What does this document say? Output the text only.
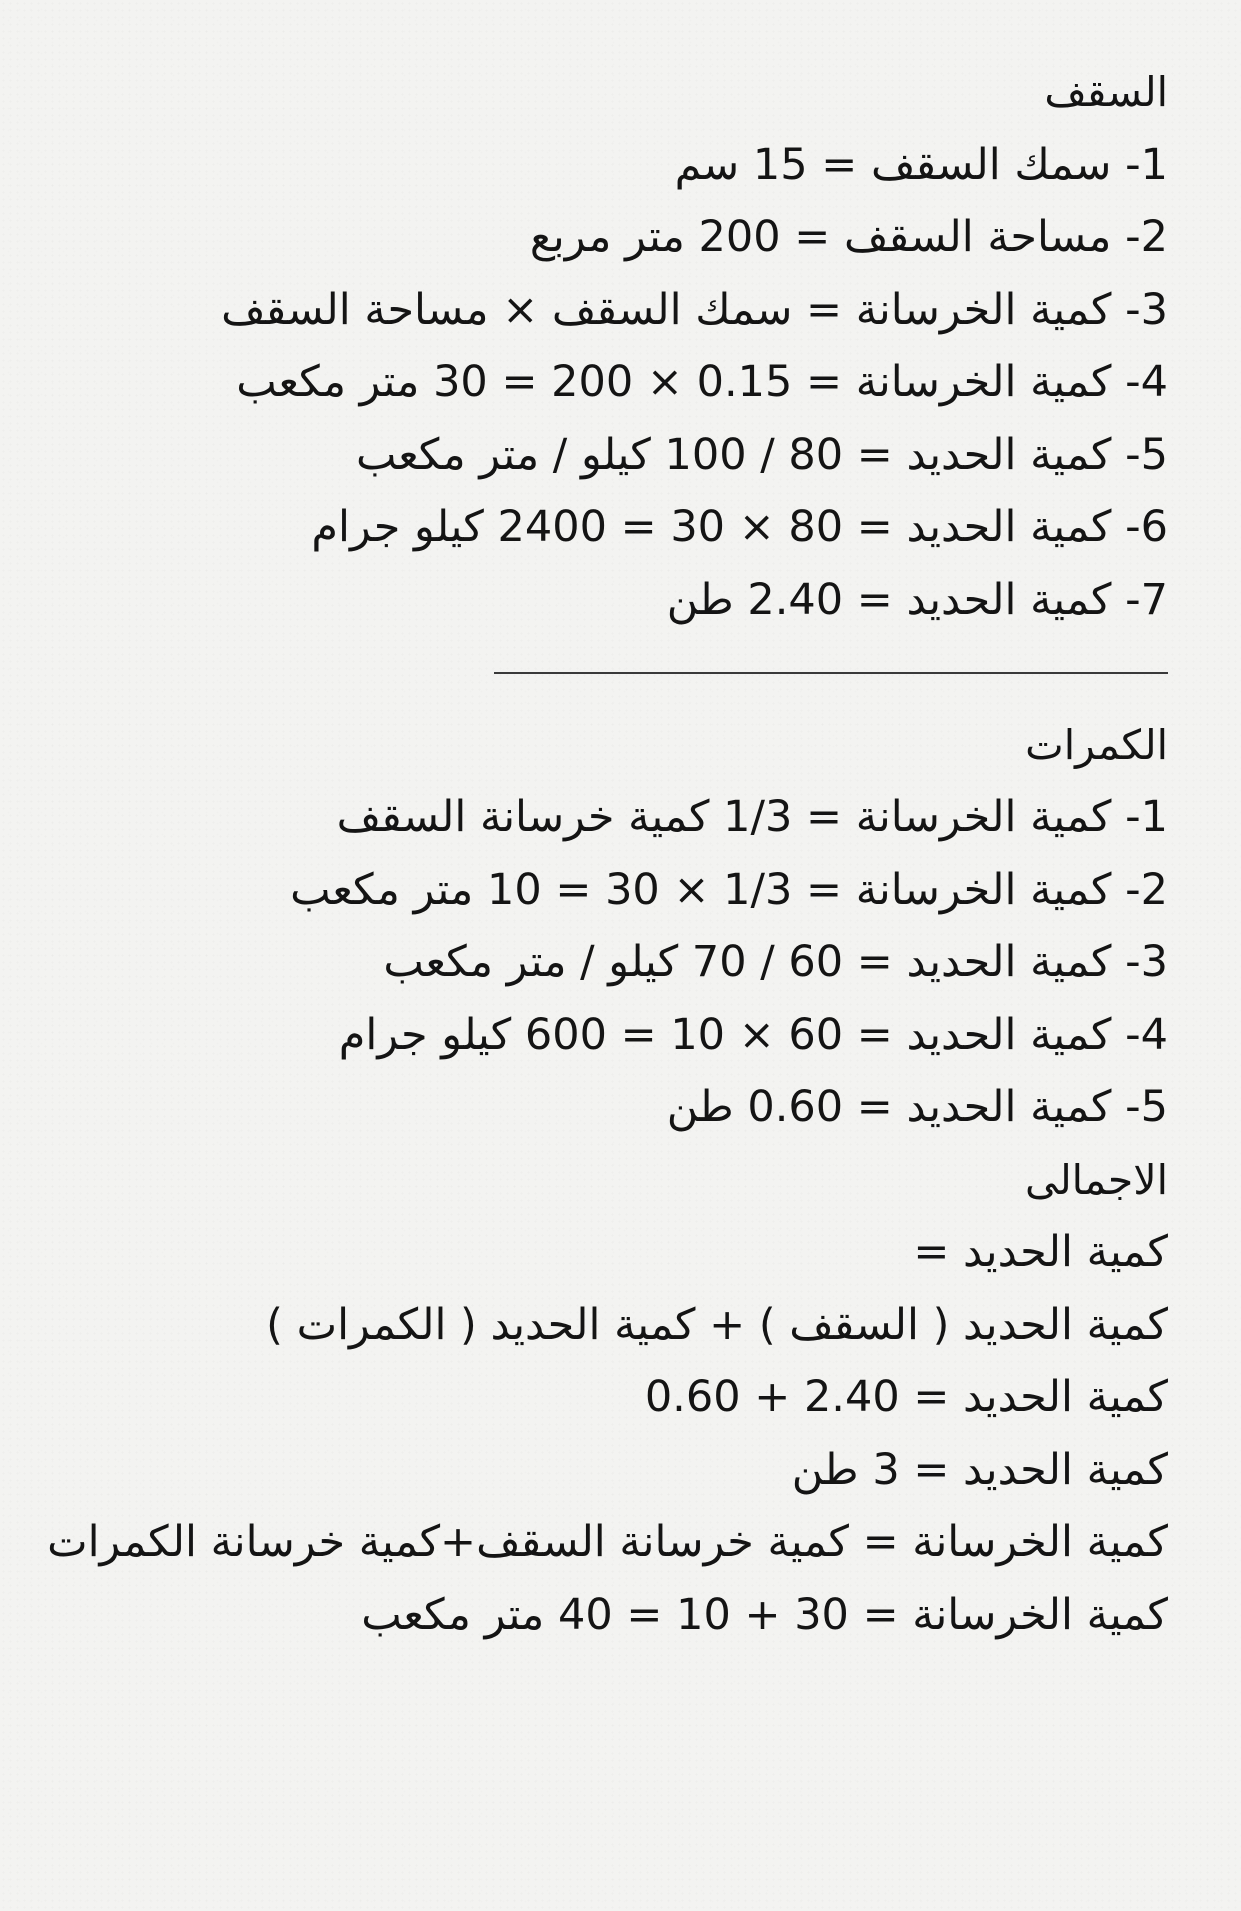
السقف
1- سمك السقف = 15 سم
2- مساحة السقف = 200 متر مربع
3- كمية الخرسانة = سمك السقف × مساحة السقف
4- كمية الخرسانة = 0.15 × 200 = 30 متر مكعب
5- كمية الحديد = 80 / 100 كيلو / متر مكعب
6- كمية الحديد = 80 × 30 = 2400 كيلو جرام
7- كمية الحديد = 2.40 طن
الكمرات
1- كمية الخرسانة = 1/3 كمية خرسانة السقف
2- كمية الخرسانة = 1/3 × 30 = 10 متر مكعب
3- كمية الحديد = 60 / 70 كيلو / متر مكعب
4- كمية الحديد = 60 × 10 = 600 كيلو جرام
5- كمية الحديد = 0.60 طن
الاجمالى
كمية الحديد =
كمية الحديد ( السقف ) + كمية الحديد ( الكمرات )
كمية الحديد = 2.40 + 0.60
كمية الحديد = 3 طن
كمية الخرسانة = كمية خرسانة السقف+كمية خرسانة الكمرات
كمية الخرسانة = 30 + 10 = 40 متر مكعب
